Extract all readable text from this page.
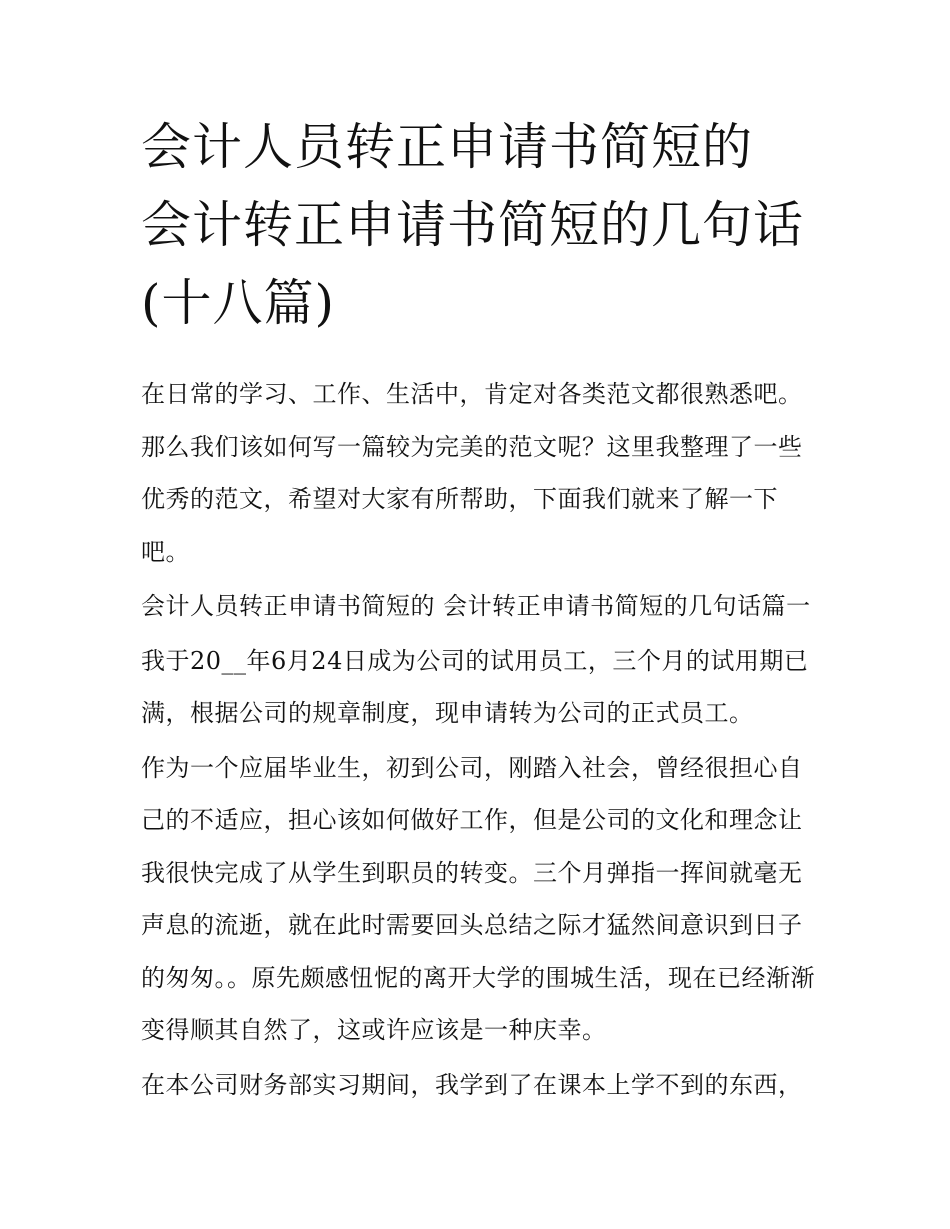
会计人员转正申请书简短的 会计转正申请书简短的几句话(十八篇)

在日常的学习、工作、生活中，肯定对各类范文都很熟悉吧。那么我们该如何写一篇较为完美的范文呢？这里我整理了一些优秀的范文，希望对大家有所帮助，下面我们就来了解一下吧。

会计人员转正申请书简短的 会计转正申请书简短的几句话篇一

我于20__年6月24日成为公司的试用员工，三个月的试用期已满，根据公司的规章制度，现申请转为公司的正式员工。

作为一个应届毕业生，初到公司，刚踏入社会，曾经很担心自己的不适应，担心该如何做好工作，但是公司的文化和理念让我很快完成了从学生到职员的转变。三个月弹指一挥间就毫无声息的流逝，就在此时需要回头总结之际才猛然间意识到日子的匆匆。。原先颇感忸怩的离开大学的围城生活，现在已经渐渐变得顺其自然了，这或许应该是一种庆幸。

在本公司财务部实习期间，我学到了在课本上学不到的东西，
